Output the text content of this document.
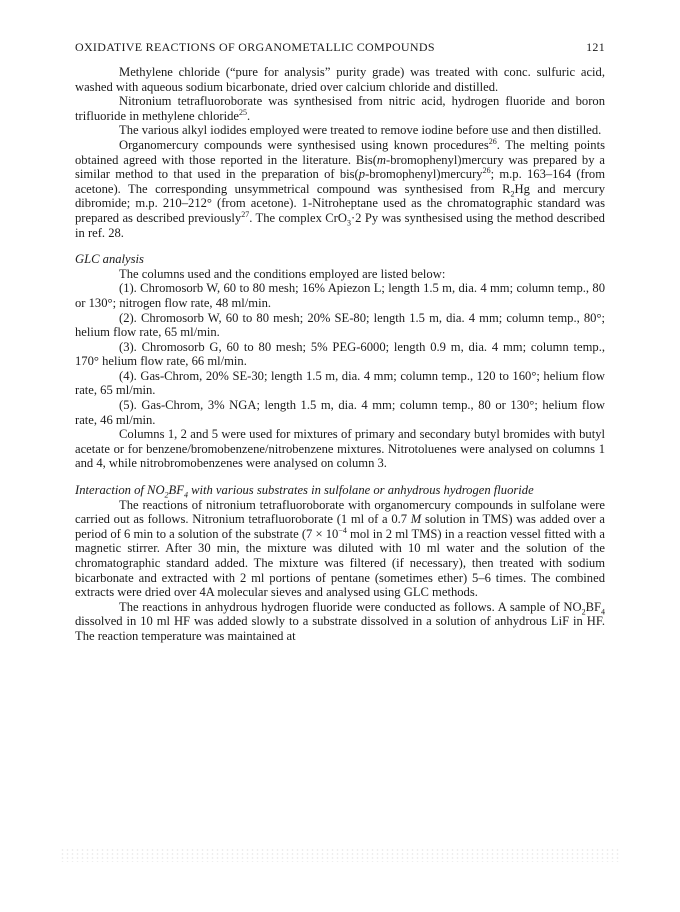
OXIDATIVE REACTIONS OF ORGANOMETALLIC COMPOUNDS	121

Methylene chloride (“pure for analysis” purity grade) was treated with conc. sulfuric acid, washed with aqueous sodium bicarbonate, dried over calcium chloride and distilled.

Nitronium tetrafluoroborate was synthesised from nitric acid, hydrogen fluoride and boron trifluoride in methylene chloride$^{25}$.

The various alkyl iodides employed were treated to remove iodine before use and then distilled.

Organomercury compounds were synthesised using known procedures$^{26}$. The melting points obtained agreed with those reported in the literature. Bis(m-bromophenyl)mercury was prepared by a similar method to that used in the preparation of bis(p-bromophenyl)mercury$^{26}$; m.p. 163–164 (from acetone). The corresponding unsymmetrical compound was synthesised from $R_2Hg$ and mercury dibromide; m.p. 210–212° (from acetone). 1-Nitroheptane used as the chromatographic standard was prepared as described previously$^{27}$. The complex CrO$_3$·2 Py was synthesised using the method described in ref. 28.

GLC analysis

The columns used and the conditions employed are listed below:

(1). Chromosorb W, 60 to 80 mesh; 16% Apiezon L; length 1.5 m, dia. 4 mm; column temp., 80 or 130°; nitrogen flow rate, 48 ml/min.

(2). Chromosorb W, 60 to 80 mesh; 20% SE-80; length 1.5 m, dia. 4 mm; column temp., 80°; helium flow rate, 65 ml/min.

(3). Chromosorb G, 60 to 80 mesh; 5% PEG-6000; length 0.9 m, dia. 4 mm; column temp., 170° helium flow rate, 66 ml/min.

(4). Gas-Chrom, 20% SE-30; length 1.5 m, dia. 4 mm; column temp., 120 to 160°; helium flow rate, 65 ml/min.

(5). Gas-Chrom, 3% NGA; length 1.5 m, dia. 4 mm; column temp., 80 or 130°; helium flow rate, 46 ml/min.

Columns 1, 2 and 5 were used for mixtures of primary and secondary butyl bromides with butyl acetate or for benzene/bromobenzene/nitrobenzene mixtures. Nitrotoluenes were analysed on columns 1 and 4, while nitrobromobenzenes were analysed on column 3.

Interaction of $NO_2BF_4$ with various substrates in sulfolane or anhydrous hydrogen fluoride

The reactions of nitronium tetrafluoroborate with organomercury compounds in sulfolane were carried out as follows. Nitronium tetrafluoroborate (1 ml of a 0.7 M solution in TMS) was added over a period of 6 min to a solution of the substrate ($7 \times 10^{-4}$ mol in 2 ml TMS) in a reaction vessel fitted with a magnetic stirrer. After 30 min, the mixture was diluted with 10 ml water and the solution of the chromatographic standard added. The mixture was filtered (if necessary), then treated with sodium bicarbonate and extracted with 2 ml portions of pentane (sometimes ether) 5–6 times. The combined extracts were dried over 4A molecular sieves and analysed using GLC methods.

The reactions in anhydrous hydrogen fluoride were conducted as follows. A sample of $NO_2BF_4$ dissolved in 10 ml HF was added slowly to a substrate dissolved in a solution of anhydrous LiF in HF. The reaction temperature was maintained at
